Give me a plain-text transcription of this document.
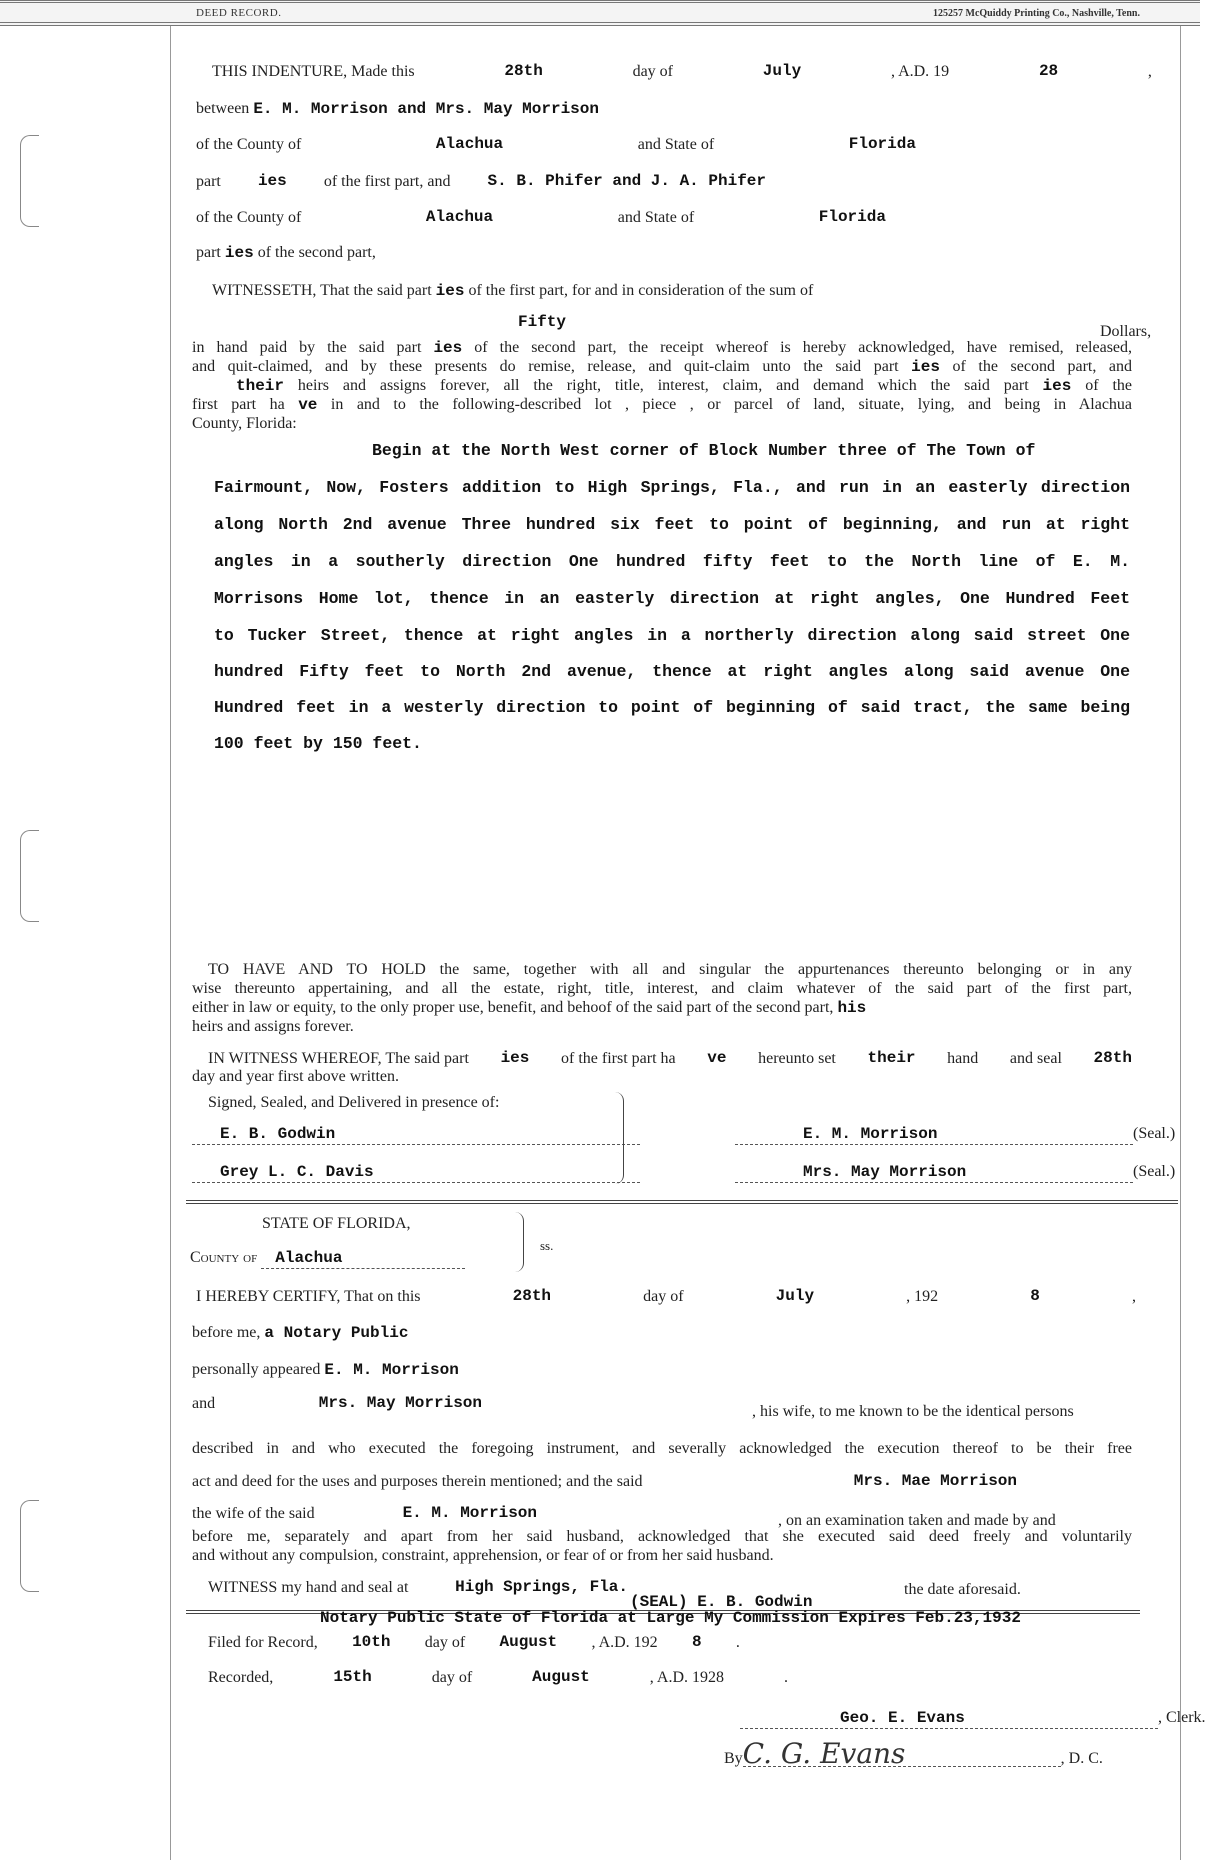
DEED RECORD.	125257 McQuiddy Printing Co., Nashville, Tenn.
THIS INDENTURE, Made this	28th	day of	July	, A.D. 19	28	,
between E. M. Morrison and Mrs. May Morrison
of the County of	Alachua	and State of	Florida
part ies of the first part, and S. B. Phifer and J. A. Phifer
of the County of	Alachua	and State of	Florida
part ies of the second part,
WITNESSETH, That the said part ies of the first part, for and in consideration of the sum of
Fifty
Dollars,
in hand paid by the said part ies of the second part, the receipt whereof is hereby acknowledged, have remised, released,
and quit-claimed, and by these presents do remise, release, and quit-claim unto the said part ies of the second part, and
their heirs and assigns forever, all the right, title, interest, claim, and demand which the said part ies of the
first part ha ve in and to the following-described lot , piece , or parcel of land, situate, lying, and being in Alachua
County, Florida:
Begin at the North West corner of Block Number three of The Town of
Fairmount, Now, Fosters addition to High Springs, Fla., and run in an easterly direction
along North 2nd avenue Three hundred six feet to point of beginning, and run at right
angles in a southerly direction One hundred fifty feet to the North line of E. M.
Morrisons Home lot, thence in an easterly direction at right angles, One Hundred Feet
to Tucker Street, thence at right angles in a northerly direction along said street One
hundred Fifty feet to North 2nd avenue, thence at right angles along said avenue One
Hundred feet in a westerly direction to point of beginning of said tract, the same being
100 feet by 150 feet.
TO HAVE AND TO HOLD the same, together with all and singular the appurtenances thereunto belonging or in any
wise thereunto appertaining, and all the estate, right, title, interest, and claim whatever of the said part of the first part,
either in law or equity, to the only proper use, benefit, and behoof of the said part of the second part, his
heirs and assigns forever.
IN WITNESS WHEREOF, The said part ies of the first part ha ve hereunto set their hand and seal 28th
day and year first above written.
Signed, Sealed, and Delivered in presence of:
E. B. Godwin
Grey L. C. Davis
E. M. Morrison	(Seal.)
Mrs. May Morrison	(Seal.)
STATE OF FLORIDA,
County of Alachua
ss.
I HEREBY CERTIFY, That on this	28th	day of	July	, 192	8	,
before me, a Notary Public
personally appeared E. M. Morrison
and	Mrs. May Morrison	, his wife, to me known to be the identical persons
described in and who executed the foregoing instrument, and severally acknowledged the execution thereof to be their free
act and deed for the uses and purposes therein mentioned; and the said	Mrs. Mae Morrison
the wife of the said	E. M. Morrison	, on an examination taken and made by and
before me, separately and apart from her said husband, acknowledged that she executed said deed freely and voluntarily
and without any compulsion, constraint, apprehension, or fear of or from her said husband.
WITNESS my hand and seal at	High Springs, Fla.
(SEAL) E. B. Godwin
the date aforesaid.
Notary Public State of Florida at Large My Commission Expires Feb.23,1932
Filed for Record, 10th day of August , A.D. 192 8 .
Recorded,	15th	day of	August	, A.D. 1928	.
Geo. E. Evans	, Clerk.
ByC. G. Evans	, D. C.
